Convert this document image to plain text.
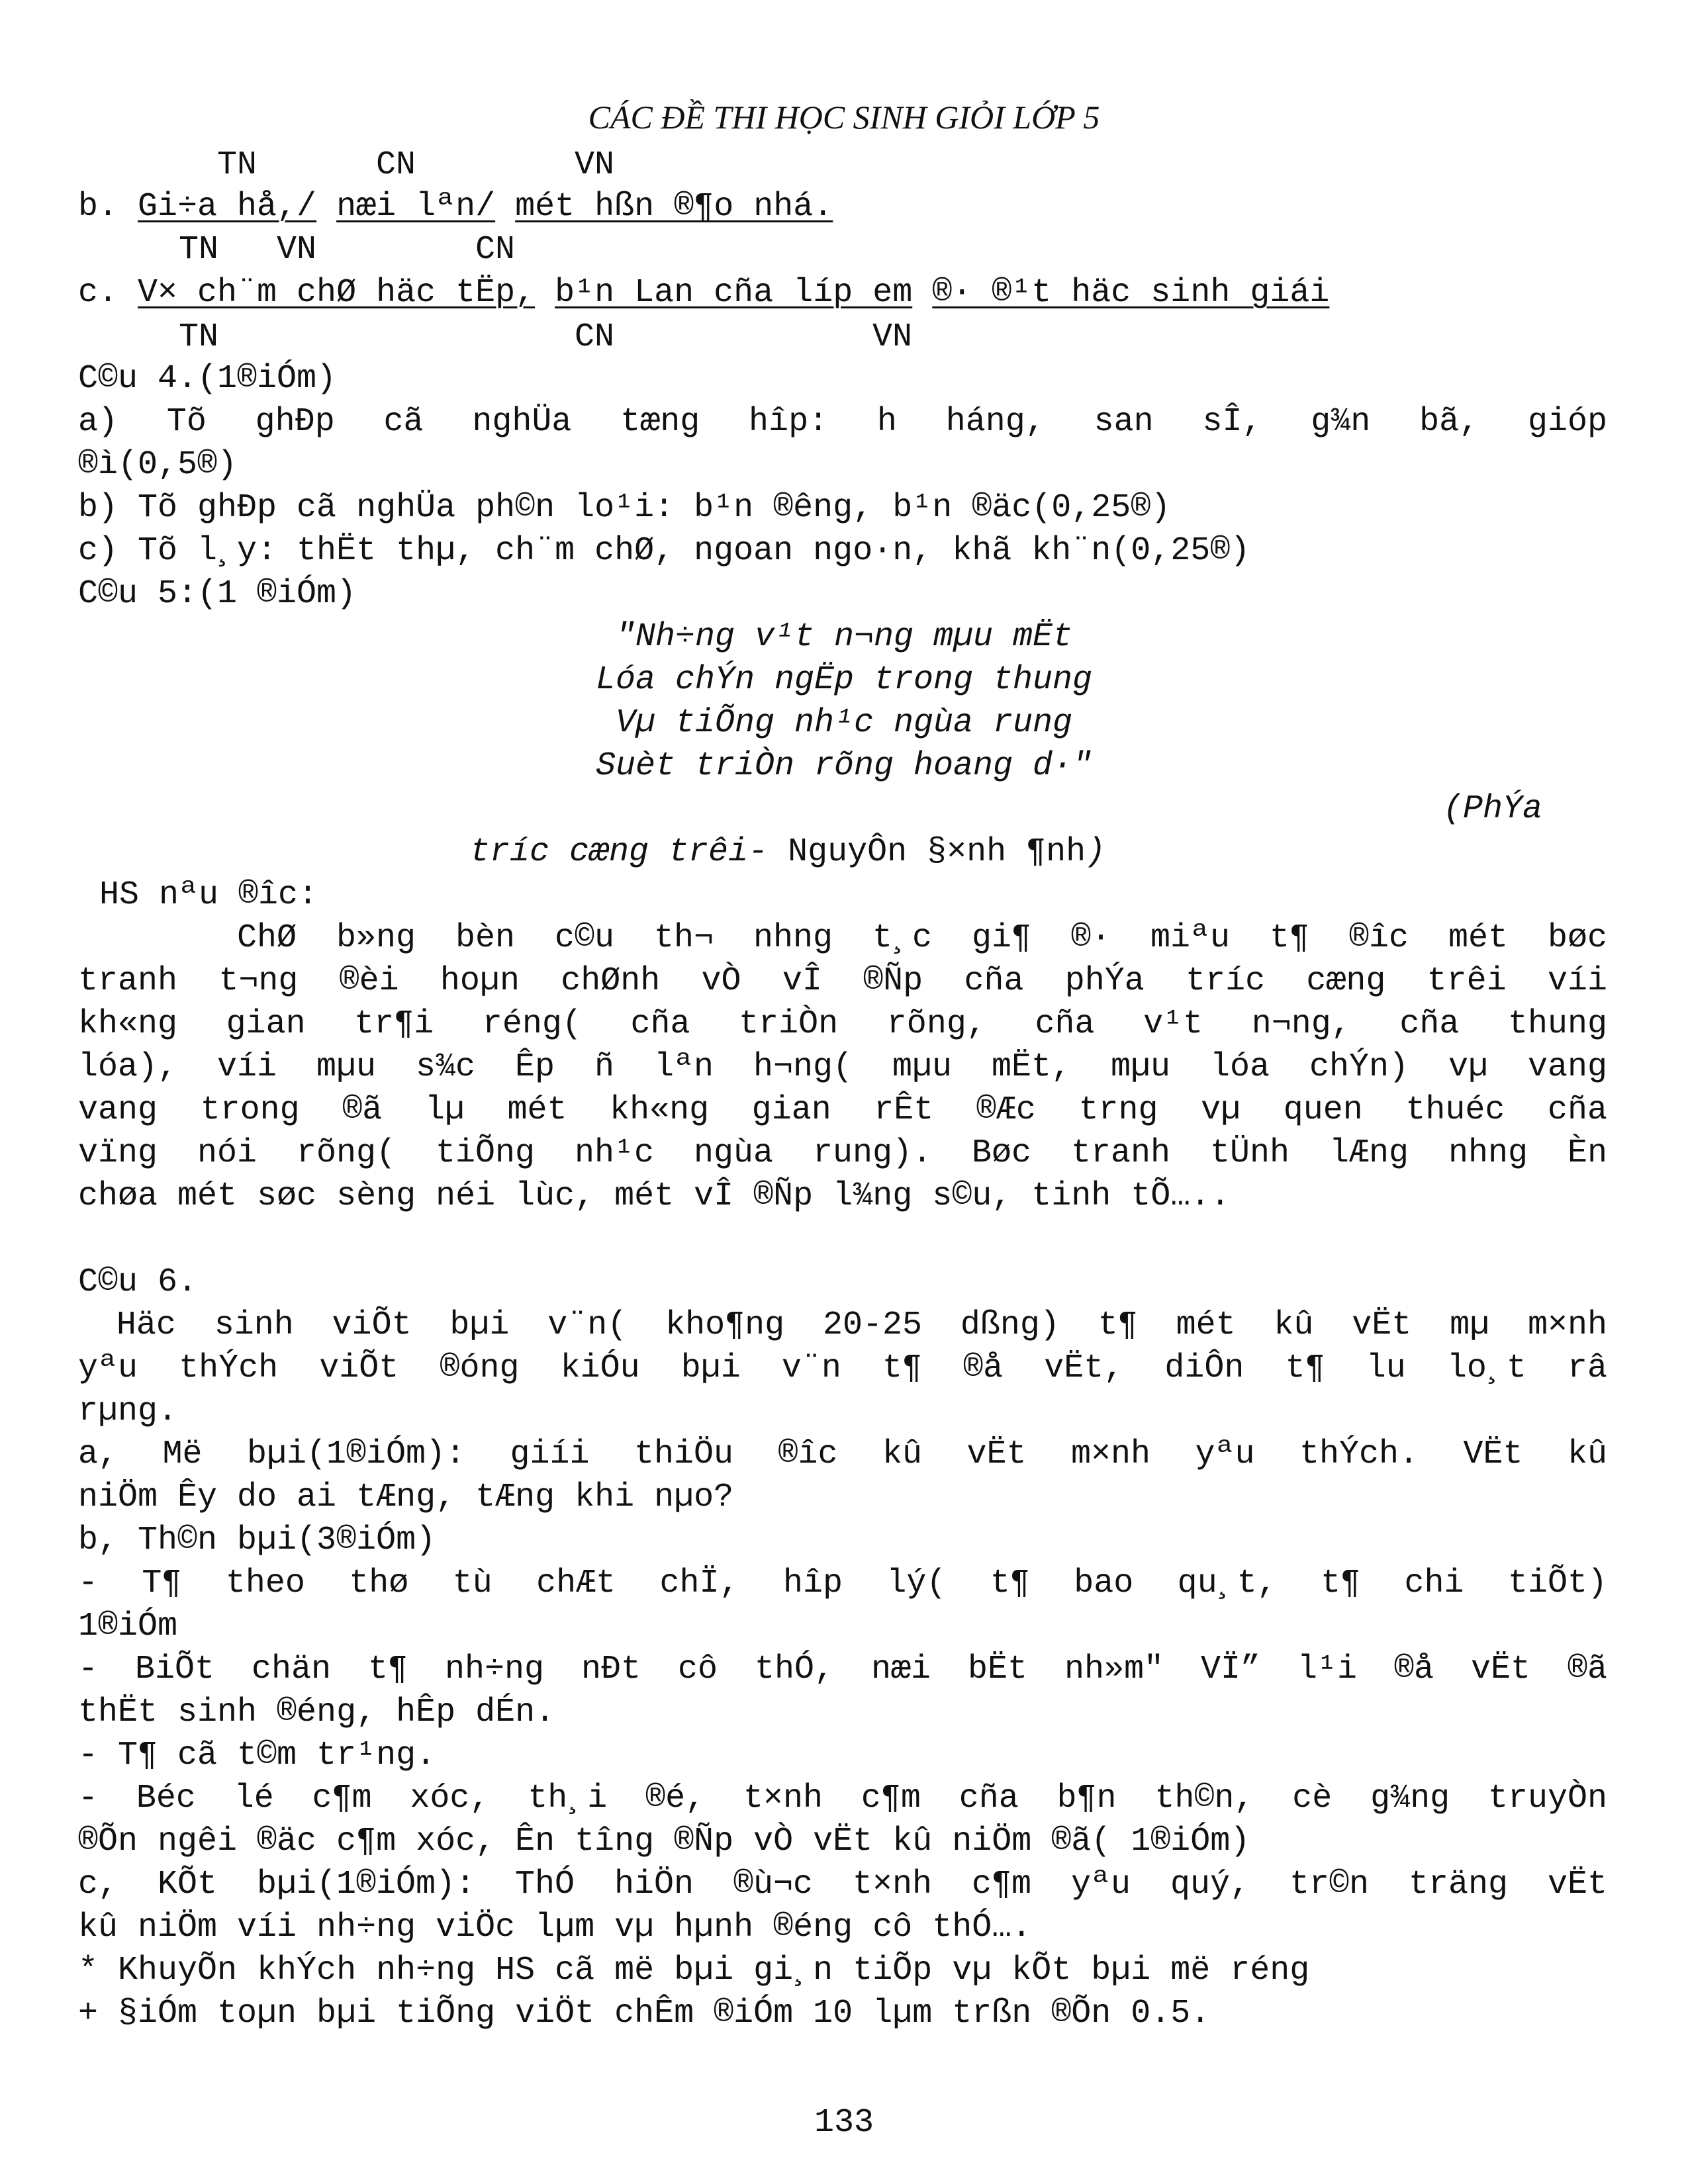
CÁC ĐỀ THI HỌC SINH GIỎI LỚP 5
TN	CN	VN
b. Gi÷a hå,/ næi lªn/ mét hßn ®¶o nhá.
TN VN	CN
c. V× ch¨m chØ häc tËp, b¹n Lan cña líp em ®· ®¹t häc sinh giái
TN	CN	VN
C©u 4.(1®iÓm)
a) Tõ ghÐp cã nghÜa tæng hîp: h háng, san sÎ, g¾n bã, gióp
®ì(0,5®)
b) Tõ ghÐp cã nghÜa ph©n lo¹i: b¹n ®êng, b¹n ®äc(0,25®)
c) Tõ l¸y: thËt thµ, ch¨m chØ, ngoan ngo·n, khã kh¨n(0,25®)
C©u 5:(1 ®iÓm)
"Nh÷ng v¹t n¬ng mµu mËt
Lóa chÝn ngËp trong thung
Vµ tiÕng nh¹c ngùa rung
Suèt triÒn rõng hoang d·"
(PhÝa
tríc cæng trêi- NguyÔn §×nh ¶nh)
HS nªu ®îc:
ChØ b»ng bèn c©u th¬ nhng t¸c gi¶ ®· miªu t¶ ®îc mét bøc
tranh t¬ng ®èi hoµn chØnh vÒ vÎ ®Ñp cña phÝa tríc cæng trêi víi
kh«ng gian tr¶i réng( cña triÒn rõng, cña v¹t n¬ng, cña thung
lóa), víi mµu s¾c Êp ñ lªn h¬ng( mµu mËt, mµu lóa chÝn) vµ vang
vang trong ®ã lµ mét kh«ng gian rÊt ®Æc trng vµ quen thuéc cña
vïng nói rõng( tiÕng nh¹c ngùa rung). Bøc tranh tÜnh lÆng nhng Èn
chøa mét søc sèng néi lùc, mét vÎ ®Ñp l¾ng s©u, tinh tÕ…..
C©u 6.
Häc sinh viÕt bµi v¨n( kho¶ng 20-25 dßng) t¶ mét kû vËt mµ m×nh
yªu thÝch viÕt ®óng kiÓu bµi v¨n t¶ ®å vËt, diÔn t¶ lu lo¸t râ
rµng.
a, Më bµi(1®iÓm): giíi thiÖu ®îc kû vËt m×nh yªu thÝch. VËt kû
niÖm Êy do ai tÆng, tÆng khi nµo?
b, Th©n bµi(3®iÓm)
- T¶ theo thø tù chÆt chÏ, hîp lý( t¶ bao qu¸t, t¶ chi tiÕt)
1®iÓm
- BiÕt chän t¶ nh÷ng nÐt cô thÓ, næi bËt nh»m" VÏ” l¹i ®å vËt ®ã
thËt sinh ®éng, hÊp dÉn.
- T¶ cã t©m tr¹ng.
- Béc lé c¶m xóc, th¸i ®é, t×nh c¶m cña b¶n th©n, cè g¾ng truyÒn
®Õn ngêi ®äc c¶m xóc, Ên tîng ®Ñp vÒ vËt kû niÖm ®ã( 1®iÓm)
c, KÕt bµi(1®iÓm): ThÓ hiÖn ®ù¬c t×nh c¶m yªu quý, tr©n träng vËt
kû niÖm víi nh÷ng viÖc lµm vµ hµnh ®éng cô thÓ….
* KhuyÕn khÝch nh÷ng HS cã më bµi gi¸n tiÕp vµ kÕt bµi më réng
+ §iÓm toµn bµi tiÕng viÖt chÊm ®iÓm 10 lµm trßn ®Õn 0.5.
133
